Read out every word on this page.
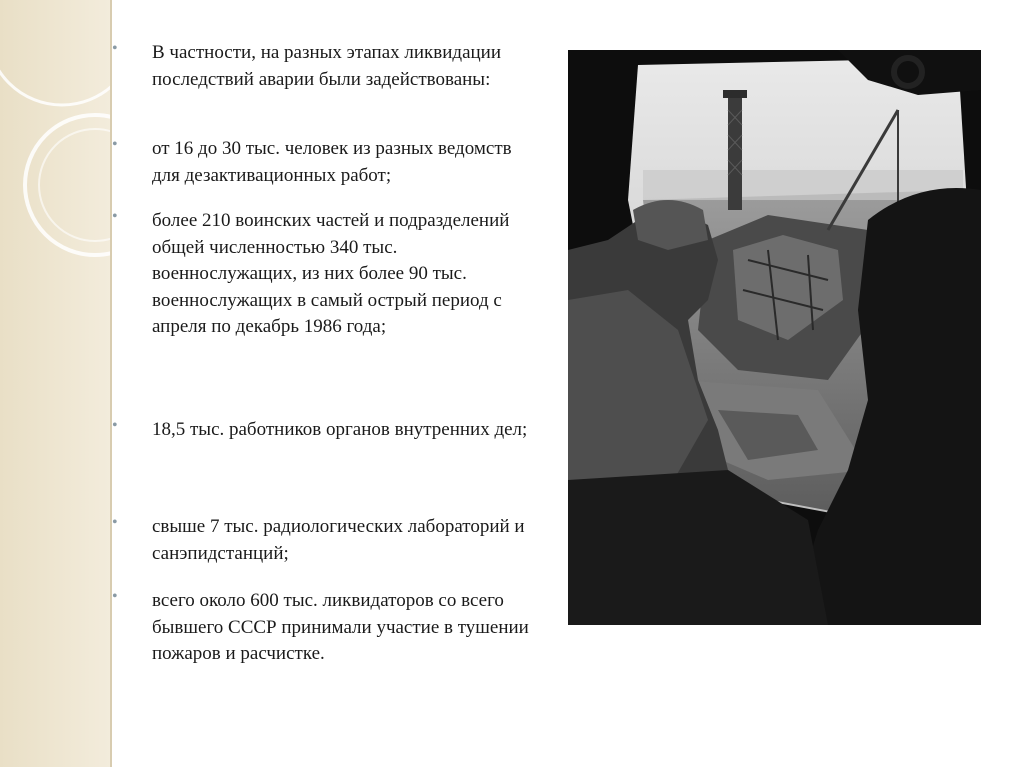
• В частности, на разных этапах ликвидации последствий аварии были задействованы:
• от 16 до 30 тыс. человек из разных ведомств для дезактивационных работ;
• более 210 воинских частей и подразделений общей численностью 340 тыс. военнослужащих, из них более 90 тыс. военнослужащих в самый острый период с апреля по декабрь 1986 года;
• 18,5 тыс. работников органов внутренних дел;
• свыше 7 тыс. радиологических лабораторий и санэпидстанций;
• всего около 600 тыс. ликвидаторов со всего бывшего СССР принимали участие в тушении пожаров и расчистке.
